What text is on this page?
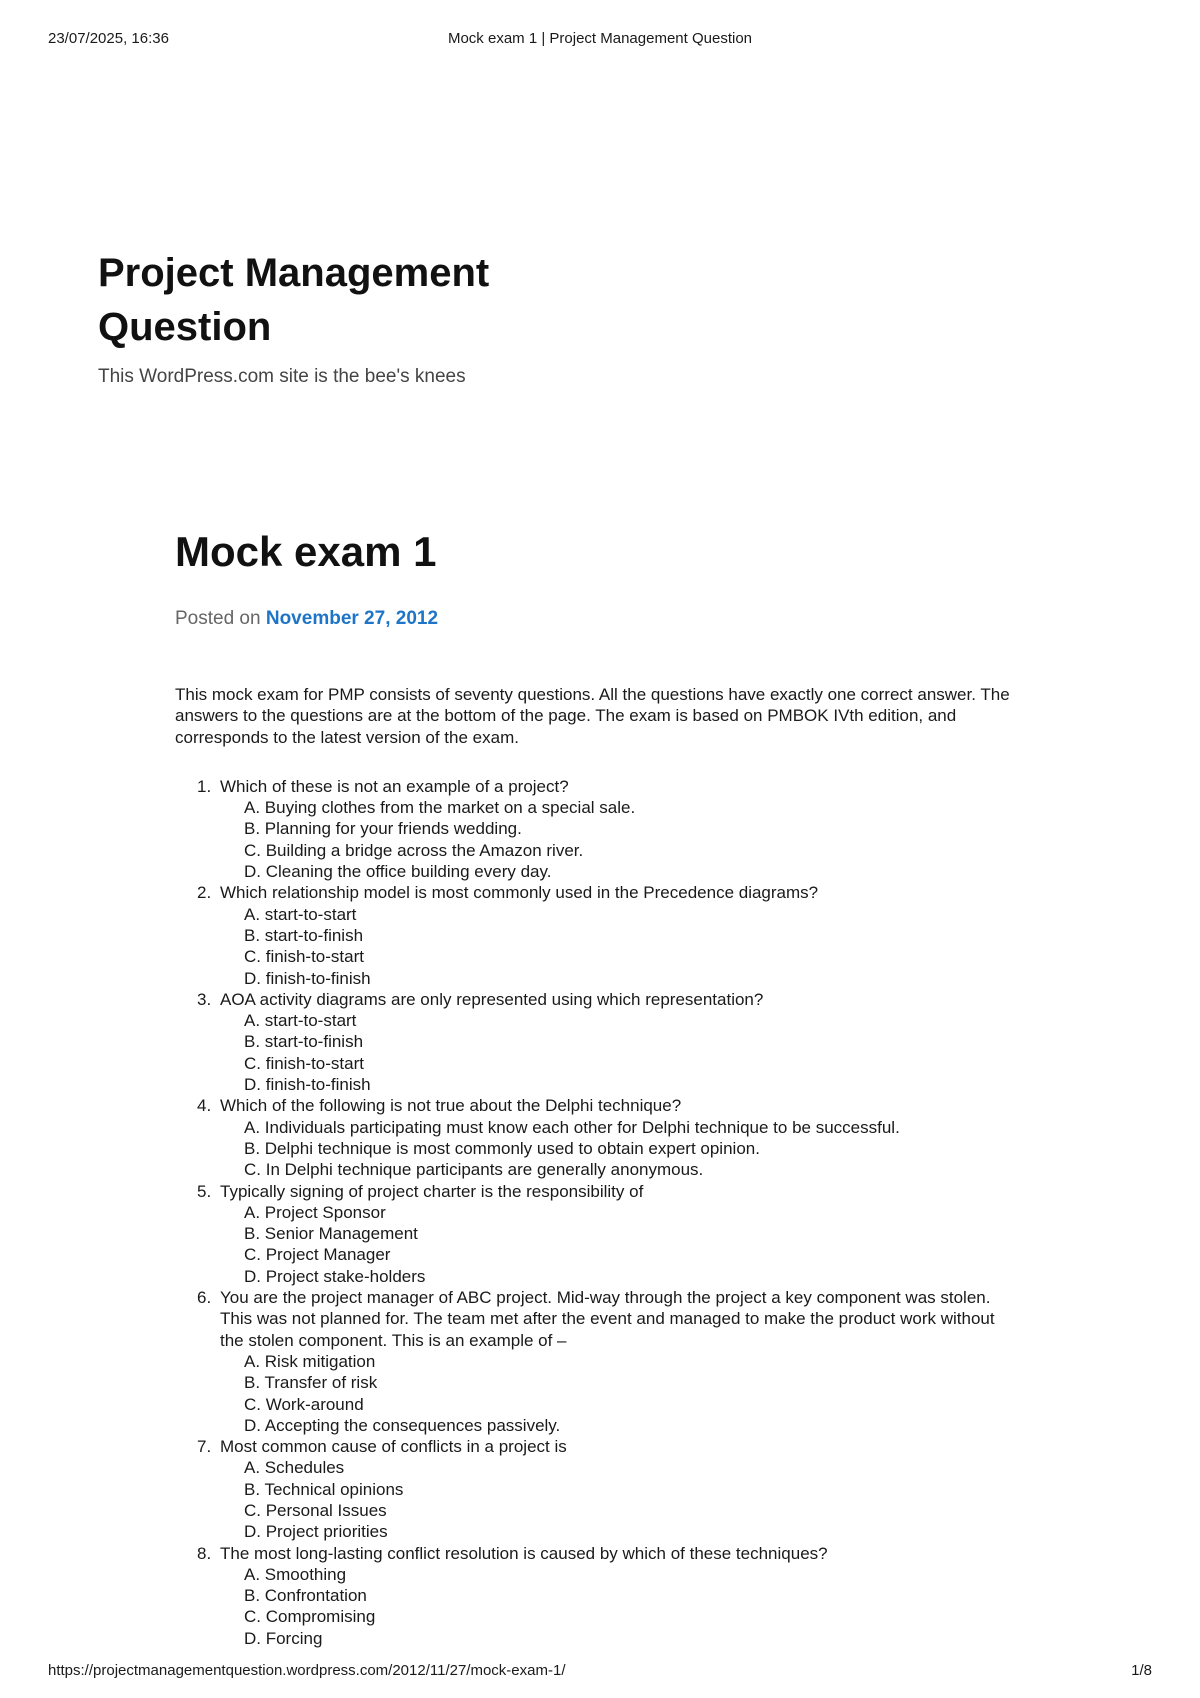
23/07/2025, 16:36	Mock exam 1 | Project Management Question
Project Management Question
This WordPress.com site is the bee's knees
Mock exam 1
Posted on November 27, 2012

This mock exam for PMP consists of seventy questions. All the questions have exactly one correct answer. The answers to the questions are at the bottom of the page. The exam is based on PMBOK IVth edition, and corresponds to the latest version of the exam.

1. Which of these is not an example of a project?
A. Buying clothes from the market on a special sale.
B. Planning for your friends wedding.
C. Building a bridge across the Amazon river.
D. Cleaning the office building every day.
2. Which relationship model is most commonly used in the Precedence diagrams?
A. start-to-start
B. start-to-finish
C. finish-to-start
D. finish-to-finish
3. AOA activity diagrams are only represented using which representation?
A. start-to-start
B. start-to-finish
C. finish-to-start
D. finish-to-finish
4. Which of the following is not true about the Delphi technique?
A. Individuals participating must know each other for Delphi technique to be successful.
B. Delphi technique is most commonly used to obtain expert opinion.
C. In Delphi technique participants are generally anonymous.
5. Typically signing of project charter is the responsibility of
A. Project Sponsor
B. Senior Management
C. Project Manager
D. Project stake-holders
6. You are the project manager of ABC project. Mid-way through the project a key component was stolen. This was not planned for. The team met after the event and managed to make the product work without the stolen component. This is an example of –
A. Risk mitigation
B. Transfer of risk
C. Work-around
D. Accepting the consequences passively.
7. Most common cause of conflicts in a project is
A. Schedules
B. Technical opinions
C. Personal Issues
D. Project priorities
8. The most long-lasting conflict resolution is caused by which of these techniques?
A. Smoothing
B. Confrontation
C. Compromising
D. Forcing
https://projectmanagementquestion.wordpress.com/2012/11/27/mock-exam-1/	1/8
